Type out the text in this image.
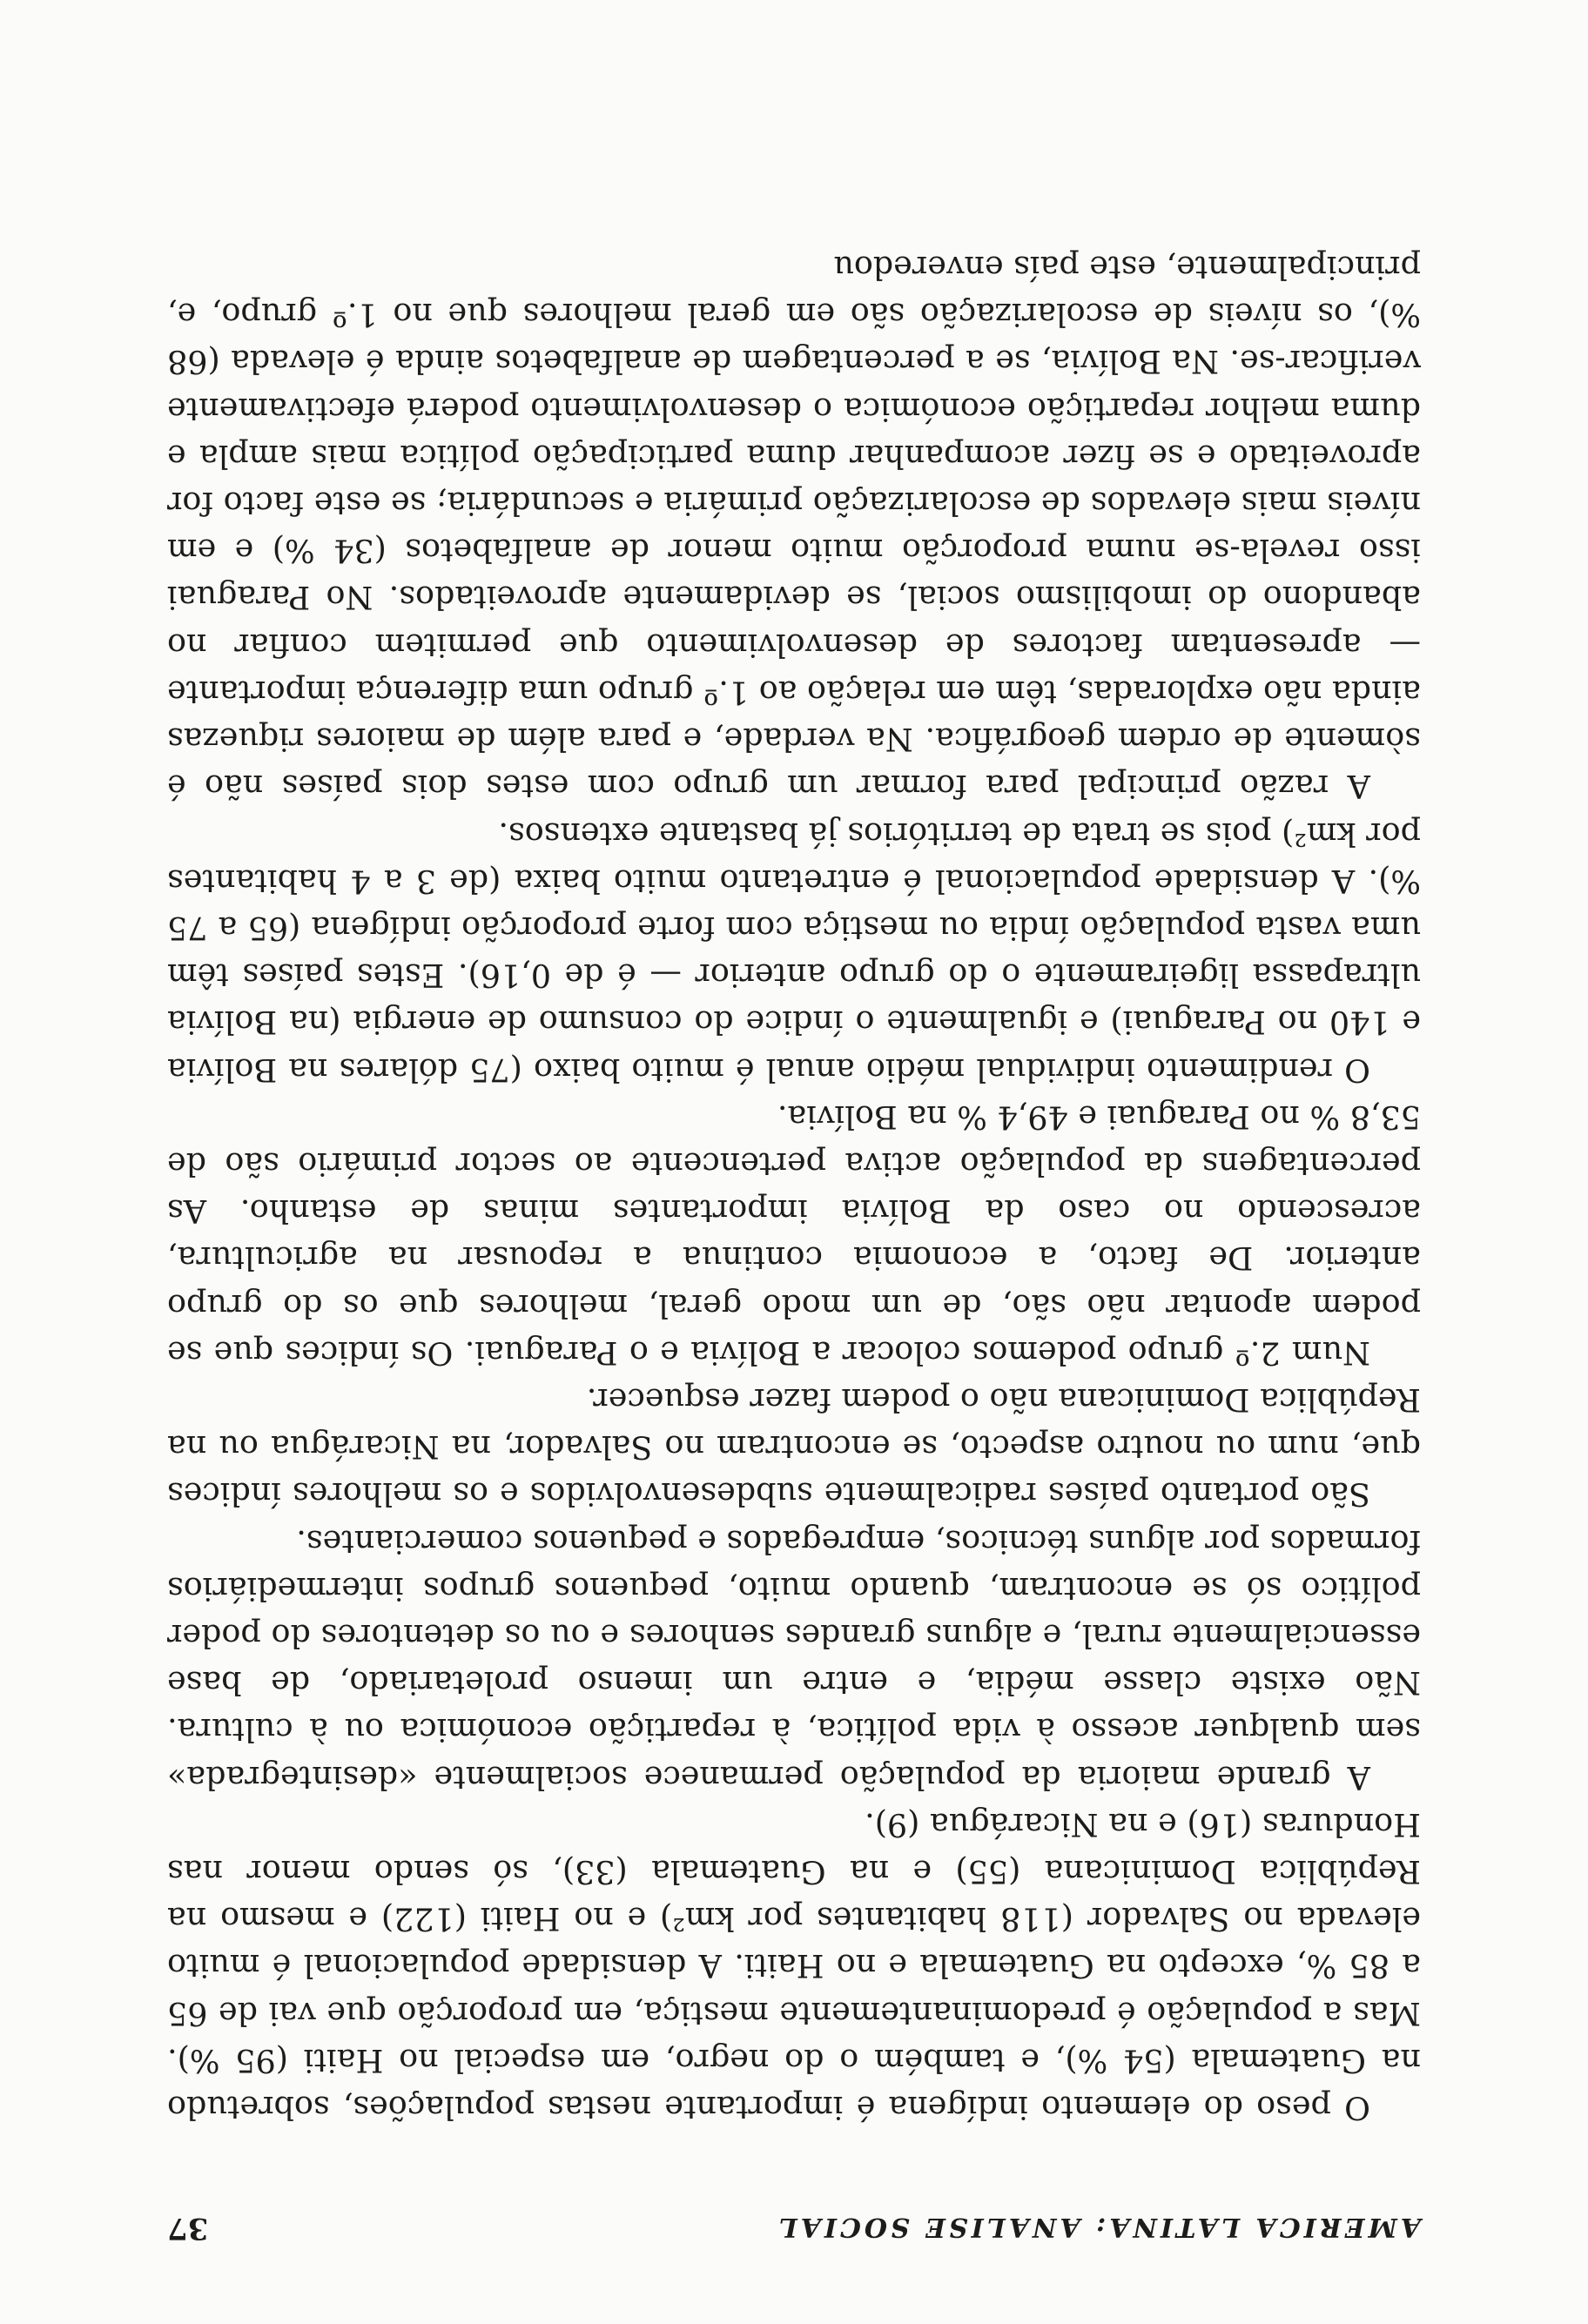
AMERICA LATINA: ANALISE SOCIAL
37

O peso do elemento indígena é importante nestas populações, sobretudo na Guatemala (54 %), e também o do negro, em especial no Haiti (95 %). Mas a população é predominantemente mestiça, em proporção que vai de 65 a 85 %, excepto na Guatemala e no Haiti. A densidade populacional é muito elevada no Salvador (118 habitantes por km²) e no Haiti (122) e mesmo na República Dominicana (55) e na Guatemala (33), só sendo menor nas Honduras (16) e na Nicarágua (9).

A grande maioria da população permanece socialmente «desintegrada» sem qualquer acesso à vida política, à repartição económica ou à cultura. Não existe classe média, e entre um imenso proletariado, de base essencialmente rural, e alguns grandes senhores e ou os detentores do poder político só se encontram, quando muito, pequenos grupos intermediários formados por alguns técnicos, empregados e pequenos comerciantes.

São portanto países radicalmente subdesenvolvidos e os melhores índices que, num ou noutro aspecto, se encontram no Salvador, na Nicarágua ou na República Dominicana não o podem fazer esquecer.

Num 2.º grupo podemos colocar a Bolívia e o Paraguai. Os índices que se podem apontar não são, de um modo geral, melhores que os do grupo anterior. De facto, a economia continua a repousar na agricultura, acrescendo no caso da Bolívia importantes minas de estanho. As percentagens da população activa pertencente ao sector primário são de 53,8 % no Paraguai e 49,4 % na Bolívia.

O rendimento individual médio anual é muito baixo (75 dólares na Bolívia e 140 no Paraguai) e igualmente o índice do consumo de energia (na Bolívia ultrapassa ligeiramente o do grupo anterior — é de 0,16). Estes países têm uma vasta população índia ou mestiça com forte proporção indígena (65 a 75 %). A densidade populacional é entretanto muito baixa (de 3 a 4 habitantes por km²) pois se trata de territórios já bastante extensos.

A razão principal para formar um grupo com estes dois países não é sòmente de ordem geográfica. Na verdade, e para além de maiores riquezas ainda não exploradas, têm em relação ao 1.º grupo uma diferença importante — apresentam factores de desenvolvimento que permitem confiar no abandono do imobilismo social, se devidamente aproveitados. No Paraguai isso revela-se numa proporção muito menor de analfabetos (34 %) e em níveis mais elevados de escolarização primária e secundária; se este facto for aproveitado e se fizer acompanhar duma participação política mais ampla e duma melhor repartição económica o desenvolvimento poderá efectivamente verificar-se. Na Bolívia, se a percentagem de analfabetos ainda é elevada (68 %), os níveis de escolarização são em geral melhores que no 1.º grupo, e, principalmente, este país enveredou
